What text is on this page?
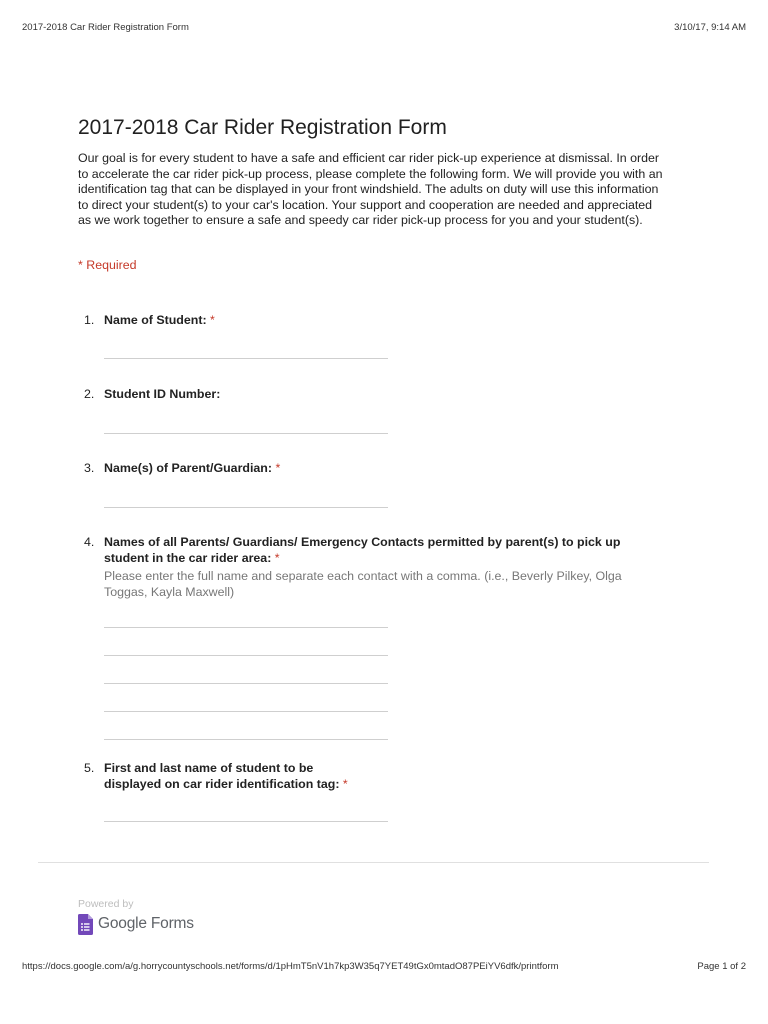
2017-2018 Car Rider Registration Form	3/10/17, 9:14 AM
2017-2018 Car Rider Registration Form

Our goal is for every student to have a safe and efficient car rider pick-up experience at dismissal. In order to accelerate the car rider pick-up process, please complete the following form. We will provide you with an identification tag that can be displayed in your front windshield. The adults on duty will use this information to direct your student(s) to your car's location. Your support and cooperation are needed and appreciated as we work together to ensure a safe and speedy car rider pick-up process for you and your student(s).

* Required
1. Name of Student: *
2. Student ID Number:
3. Name(s) of Parent/Guardian: *
4. Names of all Parents/ Guardians/ Emergency Contacts permitted by parent(s) to pick up student in the car rider area: *
Please enter the full name and separate each contact with a comma. (i.e., Beverly Pilkey, Olga Toggas, Kayla Maxwell)
5. First and last name of student to be displayed on car rider identification tag: *
Powered by
Google Forms
https://docs.google.com/a/g.horrycountyschools.net/forms/d/1pHmT5nV1h7kp3W35q7YET49tGx0mtadO87PEiYV6dfk/printform	Page 1 of 2
